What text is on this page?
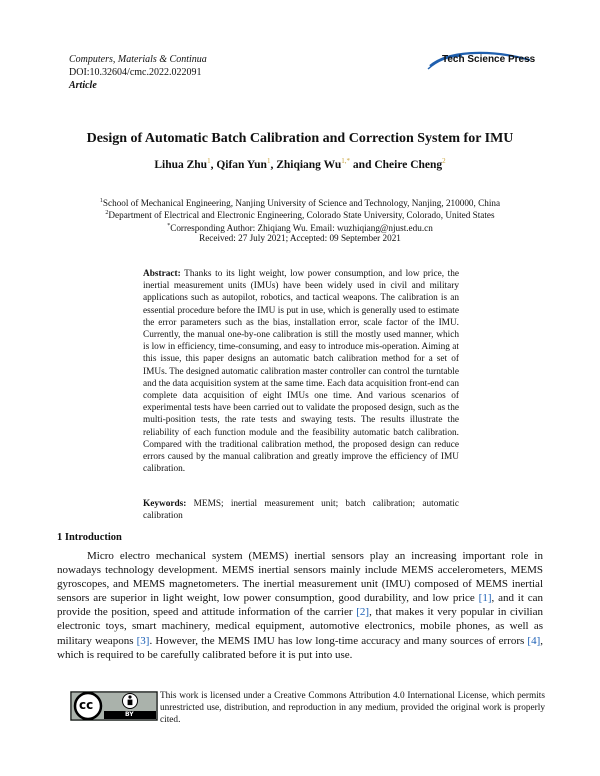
Computers, Materials & Continua
DOI:10.32604/cmc.2022.022091
Article
Tech Science Press
Design of Automatic Batch Calibration and Correction System for IMU
Lihua Zhu$^1$, Qifan Yun$^1$, Zhiqiang $Wu^{1,*}$ and Cheire Cheng$^2$
$^1$School of Mechanical Engineering, Nanjing University of Science and Technology, Nanjing, 210000, China
$^2$Department of Electrical and Electronic Engineering, Colorado State University, Colorado, United States
*Corresponding Author: Zhiqiang Wu. Email: wuzhiqiang@njust.edu.cn
Received: 27 July 2021; Accepted: 09 September 2021
Abstract: Thanks to its light weight, low power consumption, and low price, the inertial measurement units (IMUs) have been widely used in civil and military applications such as autopilot, robotics, and tactical weapons. The calibration is an essential procedure before the IMU is put in use, which is generally used to estimate the error parameters such as the bias, installation error, scale factor of the IMU. Currently, the manual one-by-one calibration is still the mostly used manner, which is low in efficiency, time-consuming, and easy to introduce mis-operation. Aiming at this issue, this paper designs an automatic batch calibration method for a set of IMUs. The designed automatic calibration master controller can control the turntable and the data acquisition system at the same time. Each data acquisition front-end can complete data acquisition of eight IMUs one time. And various scenarios of experimental tests have been carried out to validate the proposed design, such as the multi-position tests, the rate tests and swaying tests. The results illustrate the reliability of each function module and the feasibility automatic batch calibration. Compared with the traditional calibration method, the proposed design can reduce errors caused by the manual calibration and greatly improve the efficiency of IMU calibration.
Keywords: MEMS; inertial measurement unit; batch calibration; automatic calibration
1 Introduction
Micro electro mechanical system (MEMS) inertial sensors play an increasing important role in nowadays technology development. MEMS inertial sensors mainly include MEMS accelerometers, MEMS gyroscopes, and MEMS magnetometers. The inertial measurement unit (IMU) composed of MEMS inertial sensors are superior in light weight, low power consumption, good durability, and low price [1], and it can provide the position, speed and attitude information of the carrier [2], that makes it very popular in civilian electronic toys, smart machinery, medical equipment, automotive electronics, mobile phones, as well as military weapons [3]. However, the MEMS IMU has low long-time accuracy and many sources of errors [4], which is required to be carefully calibrated before it is put into use.
cc
BY
This work is licensed under a Creative Commons Attribution 4.0 International License, which permits unrestricted use, distribution, and reproduction in any medium, provided the original work is properly cited.
